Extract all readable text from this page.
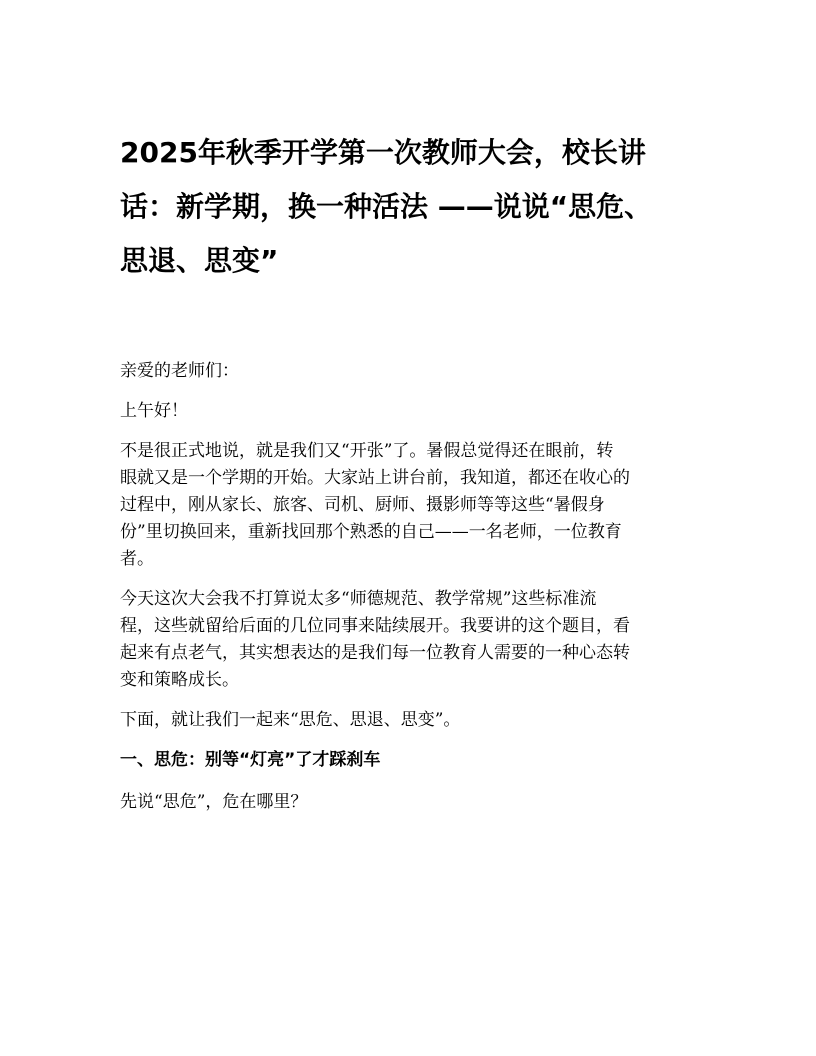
2025年秋季开学第一次教师大会，校长讲
话：新学期，换一种活法 ——说说“思危、
思退、思变”

亲爱的老师们：

上午好！

不是很正式地说，就是我们又“开张”了。暑假总觉得还在眼前，转
眼就又是一个学期的开始。大家站上讲台前，我知道，都还在收心的
过程中，刚从家长、旅客、司机、厨师、摄影师等等这些“暑假身
份”里切换回来，重新找回那个熟悉的自己——一名老师，一位教育
者。

今天这次大会我不打算说太多“师德规范、教学常规”这些标准流
程，这些就留给后面的几位同事来陆续展开。我要讲的这个题目，看
起来有点老气，其实想表达的是我们每一位教育人需要的一种心态转
变和策略成长。

下面，就让我们一起来“思危、思退、思变”。

一、思危：别等“灯亮”了才踩刹车

先说“思危”，危在哪里？
